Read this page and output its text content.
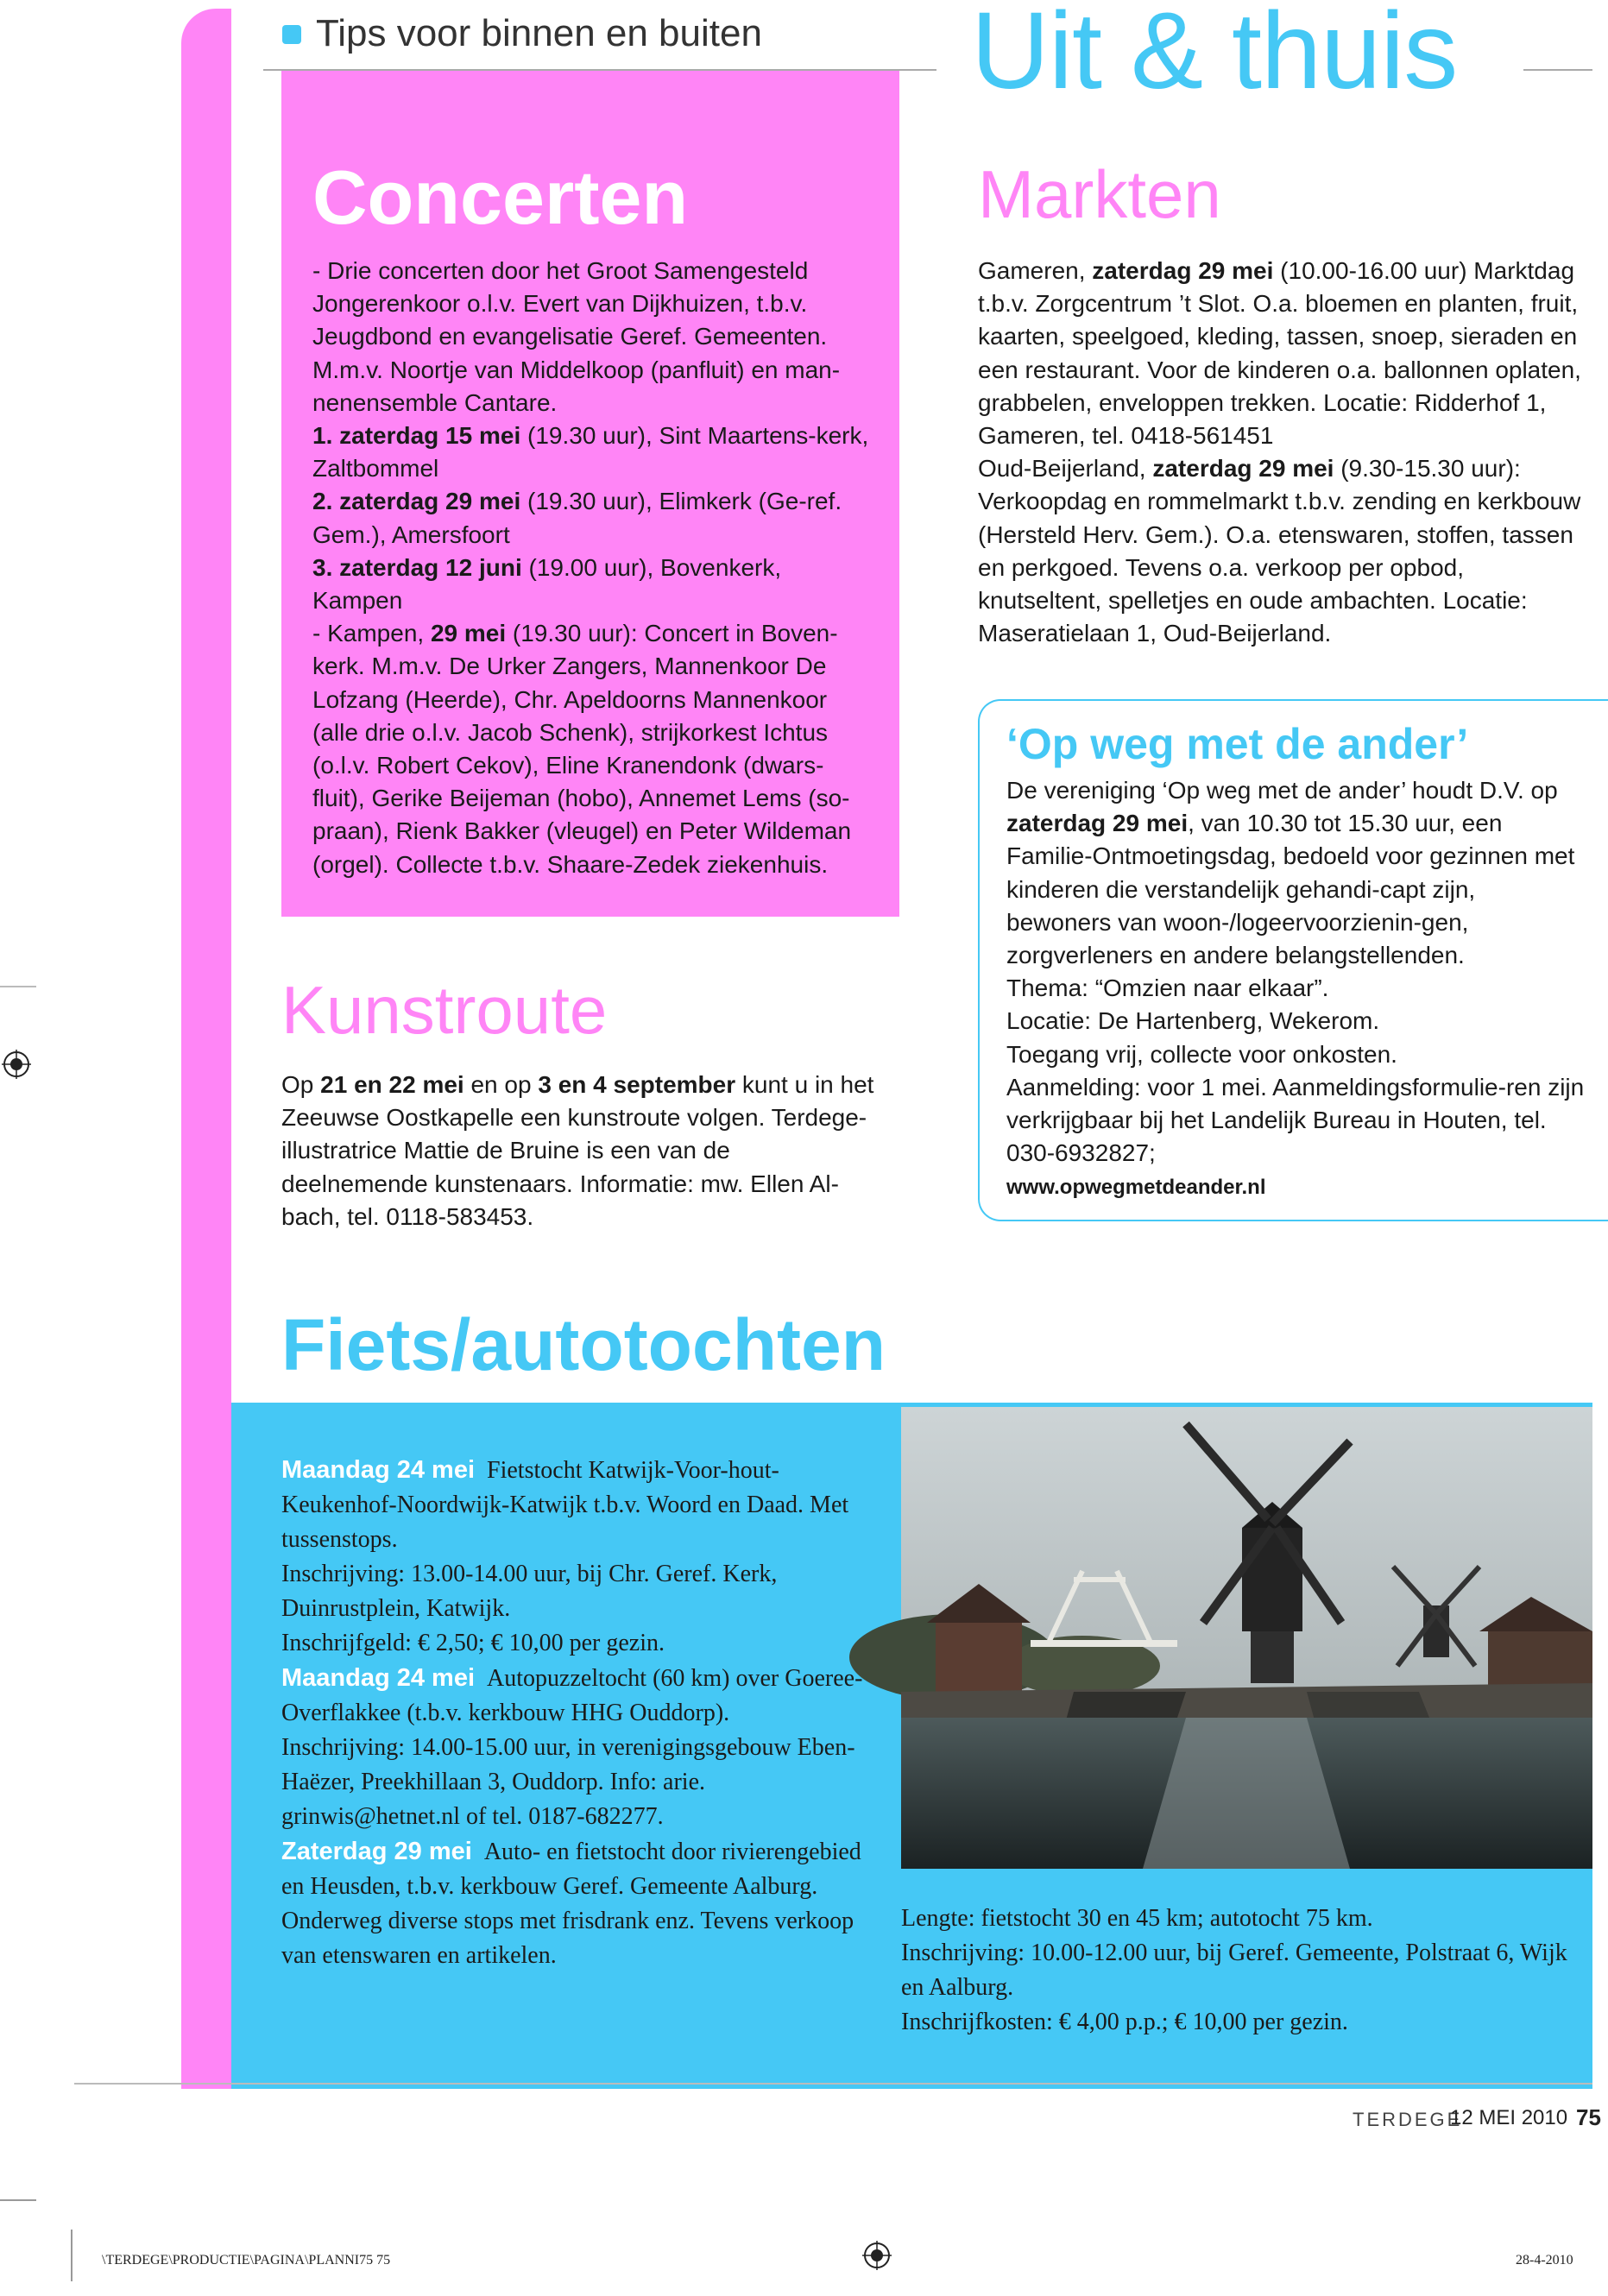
Tips voor binnen en buiten Uit & thuis
Concerten
- Drie concerten door het Groot Samengesteld Jongerenkoor o.l.v. Evert van Dijkhuizen, t.b.v. Jeugdbond en evangelisatie Geref. Gemeenten. M.m.v. Noortje van Middelkoop (panfluit) en man-nenensemble Cantare.
1. zaterdag 15 mei (19.30 uur), Sint Maartens-kerk, Zaltbommel
2. zaterdag 29 mei (19.30 uur), Elimkerk (Ge-ref. Gem.), Amersfoort
3. zaterdag 12 juni (19.00 uur), Bovenkerk, Kampen
- Kampen, 29 mei (19.30 uur): Concert in Boven-kerk. M.m.v. De Urker Zangers, Mannenkoor De Lofzang (Heerde), Chr. Apeldoorns Mannenkoor (alle drie o.l.v. Jacob Schenk), strijkorkest Ichtus (o.l.v. Robert Cekov), Eline Kranendonk (dwars-fluit), Gerike Beijeman (hobo), Annemet Lems (so-praan), Rienk Bakker (vleugel) en Peter Wildeman (orgel). Collecte t.b.v. Shaare-Zedek ziekenhuis.
Kunstroute
Op 21 en 22 mei en op 3 en 4 september kunt u in het Zeeuwse Oostkapelle een kunstroute volgen. Terdege-illustratrice Mattie de Bruine is een van de deelnemende kunstenaars. Informatie: mw. Ellen Al-bach, tel. 0118-583453.
Markten
Gameren, zaterdag 29 mei (10.00-16.00 uur) Marktdag t.b.v. Zorgcentrum ’t Slot. O.a. bloemen en planten, fruit, kaarten, speelgoed, kleding, tassen, snoep, sieraden en een restaurant. Voor de kinderen o.a. ballonnen oplaten, grabbelen, enveloppen trekken. Locatie: Ridderhof 1, Gameren, tel. 0418-561451
Oud-Beijerland, zaterdag 29 mei (9.30-15.30 uur): Verkoopdag en rommelmarkt t.b.v. zending en kerkbouw (Hersteld Herv. Gem.). O.a. etenswaren, stoffen, tassen en perkgoed. Tevens o.a. verkoop per opbod, knutseltent, spelletjes en oude ambachten. Locatie: Maseratielaan 1, Oud-Beijerland.
‘Op weg met de ander’
De vereniging ‘Op weg met de ander’ houdt D.V. op zaterdag 29 mei, van 10.30 tot 15.30 uur, een Familie-Ontmoetingsdag, bedoeld voor gezinnen met kinderen die verstandelijk gehandi-capt zijn, bewoners van woon-/logeervoorzienin-gen, zorgverleners en andere belangstellenden.
Thema: “Omzien naar elkaar”.
Locatie: De Hartenberg, Wekerom.
Toegang vrij, collecte voor onkosten.
Aanmelding: voor 1 mei. Aanmeldingsformulie-ren zijn verkrijgbaar bij het Landelijk Bureau in Houten, tel. 030-6932827;
www.opwegmetdeander.nl
Fiets/autotochten
Maandag 24 mei Fietstocht Katwijk-Voor-hout-Keukenhof-Noordwijk-Katwijk t.b.v. Woord en Daad. Met tussenstops.
Inschrijving: 13.00-14.00 uur, bij Chr. Geref. Kerk, Duinrustplein, Katwijk.
Inschrijfgeld: € 2,50; € 10,00 per gezin.
Maandag 24 mei Autopuzzeltocht (60 km) over Goeree-Overflakkee (t.b.v. kerkbouw HHG Ouddorp).
Inschrijving: 14.00-15.00 uur, in verenigingsgebouw Eben-Haëzer, Preekhillaan 3, Ouddorp. Info: arie. grinwis@hetnet.nl of tel. 0187-682277.
Zaterdag 29 mei Auto- en fietstocht door rivierengebied en Heusden, t.b.v. kerkbouw Geref. Gemeente Aalburg. Onderweg diverse stops met frisdrank enz. Tevens verkoop van etenswaren en artikelen.
Lengte: fietstocht 30 en 45 km; autotocht 75 km.
Inschrijving: 10.00-12.00 uur, bij Geref. Gemeente, Polstraat 6, Wijk en Aalburg.
Inschrijfkosten: € 4,00 p.p.; € 10,00 per gezin.
TERDEGE
12 MEI 2010 75
\TERDEGE\PRODUCTIE\PAGINA\PLANNI75 75	28-4-2010
